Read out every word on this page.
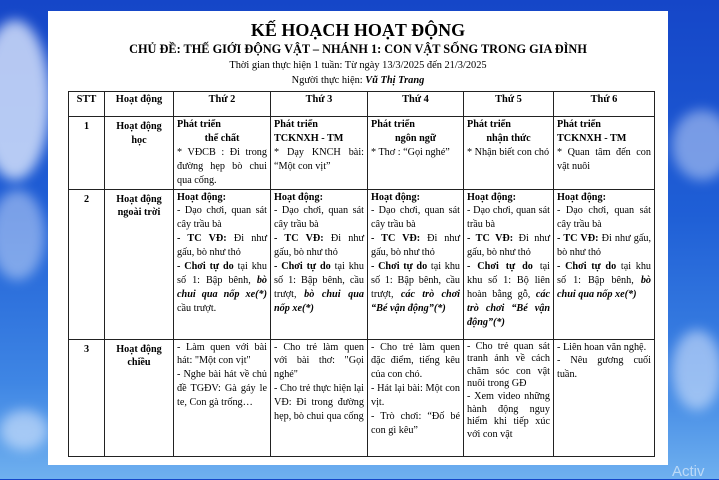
KẾ HOẠCH HOẠT ĐỘNG
CHỦ ĐỀ: THẾ GIỚI ĐỘNG VẬT – NHÁNH 1: CON VẬT SỐNG TRONG GIA ĐÌNH
Thời gian thực hiện 1 tuần: Từ ngày 13/3/2025 đến 21/3/2025
Người thực hiện: Vũ Thị Trang
STT	Hoạt động	Thứ 2	Thứ 3	Thứ 4	Thứ 5	Thứ 6
1	Hoạt động học	Phát triển
thể chất
* VĐCB : Đi trong đường hẹp bò chui qua cống.	Phát triển
TCKNXH - TM
* Dạy KNCH bài: “Một con vịt”	Phát triển
ngôn ngữ
* Thơ : “Gọi nghé”	Phát triển
nhận thức
* Nhận biết con chó	Phát triển
TCKNXH - TM
* Quan tâm đến con vật nuôi
2	Hoạt động ngoài trời	Hoạt động:
- Dạo chơi, quan sát cây trầu bà
- TC VĐ: Đi như gấu, bò như thỏ
- Chơi tự do tại khu số 1: Bập bênh, bò chui qua nốp xe(*) cầu trượt.	Hoạt động:
- Dạo chơi, quan sát cây trầu bà
- TC VĐ: Đi như gấu, bò như thỏ
- Chơi tự do tại khu số 1: Bập bênh, cầu trượt, bò chui qua nốp xe(*)	Hoạt động:
- Dạo chơi, quan sát cây trầu bà
- TC VĐ: Đi như gấu, bò như thỏ
- Chơi tự do tại khu số 1: Bập bênh, cầu trượt, các trò chơi “Bé vận động”(*)	Hoạt động:
- Dạo chơi, quan sát trầu bà
- TC VĐ: Đi như gấu, bò như thỏ
- Chơi tự do tại khu số 1: Bộ liên hoàn bằng gỗ, các trò chơi “Bé vận động”(*)	Hoạt động:
- Dạo chơi, quan sát cây trầu bà
- TC VĐ: Đi như gấu, bò như thỏ
- Chơi tự do tại khu số 1: Bập bênh, bò chui qua nốp xe(*)
3	Hoạt động chiều	- Làm quen với bài hát: "Một con vịt"
- Nghe bài hát về chủ đề TGĐV: Gà gáy le te, Con gà trống…	- Cho trẻ làm quen với bài thơ: "Gọi nghé"
- Cho trẻ thực hiện lại VĐ: Đi trong đường hẹp, bò chui qua cống	- Cho trẻ làm quen đặc điểm, tiếng kêu của con chó.
- Hát lại bài: Một con vịt.
- Trò chơi: “Đố bé con gì kêu”	- Cho trẻ quan sát tranh ảnh về cách chăm sóc con vật nuôi trong GĐ
- Xem video những hành động nguy hiểm khi tiếp xúc với con vật	- Liên hoan văn nghệ.
- Nêu gương cuối tuần.
Activ
